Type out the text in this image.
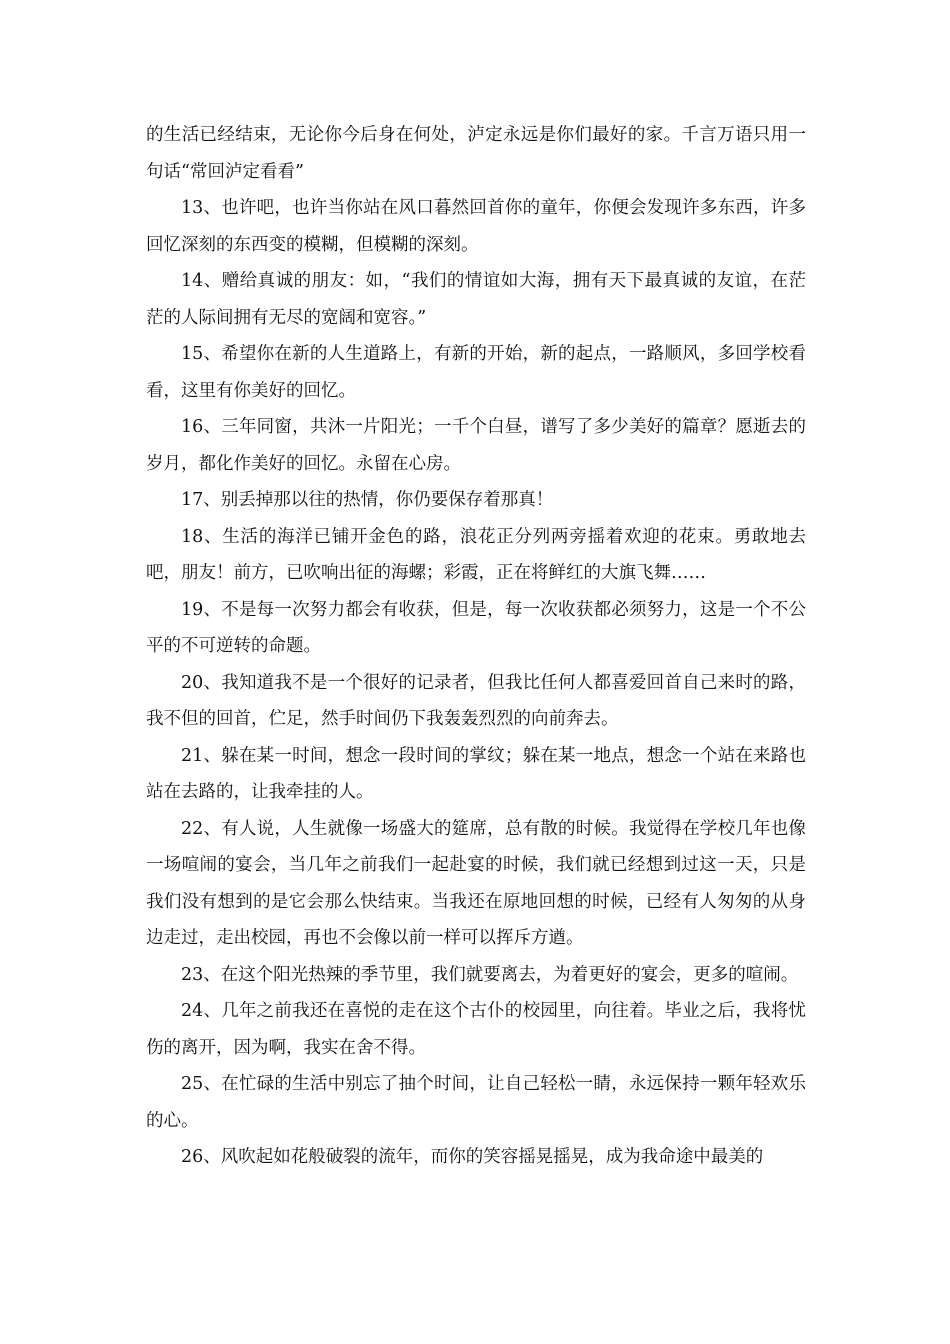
的生活已经结束，无论你今后身在何处，泸定永远是你们最好的家。千言万语只用一句话“常回泸定看看”

13、也许吧，也许当你站在风口暮然回首你的童年，你便会发现许多东西，许多回忆深刻的东西变的模糊，但模糊的深刻。

14、赠给真诚的朋友：如，“我们的情谊如大海，拥有天下最真诚的友谊，在茫茫的人际间拥有无尽的宽阔和宽容。”

15、希望你在新的人生道路上，有新的开始，新的起点，一路顺风，多回学校看看，这里有你美好的回忆。

16、三年同窗，共沐一片阳光；一千个白昼，谱写了多少美好的篇章？愿逝去的岁月，都化作美好的回忆。永留在心房。

17、别丢掉那以往的热情，你仍要保存着那真！

18、生活的海洋已铺开金色的路，浪花正分列两旁摇着欢迎的花束。勇敢地去吧，朋友！前方，已吹响出征的海螺；彩霞，正在将鲜红的大旗飞舞……

19、不是每一次努力都会有收获，但是，每一次收获都必须努力，这是一个不公平的不可逆转的命题。

20、我知道我不是一个很好的记录者，但我比任何人都喜爱回首自己来时的路，我不但的回首，伫足，然手时间仍下我轰轰烈烈的向前奔去。

21、躲在某一时间，想念一段时间的掌纹；躲在某一地点，想念一个站在来路也站在去路的，让我牵挂的人。

22、有人说，人生就像一场盛大的筵席，总有散的时候。我觉得在学校几年也像一场喧闹的宴会，当几年之前我们一起赴宴的时候，我们就已经想到过这一天，只是我们没有想到的是它会那么快结束。当我还在原地回想的时候，已经有人匆匆的从身边走过，走出校园，再也不会像以前一样可以挥斥方遒。

23、在这个阳光热辣的季节里，我们就要离去，为着更好的宴会，更多的喧闹。

24、几年之前我还在喜悦的走在这个古仆的校园里，向往着。毕业之后，我将忧伤的离开，因为啊，我实在舍不得。

25、在忙碌的生活中别忘了抽个时间，让自己轻松一睛，永远保持一颗年轻欢乐的心。

26、风吹起如花般破裂的流年，而你的笑容摇晃摇晃，成为我命途中最美的
